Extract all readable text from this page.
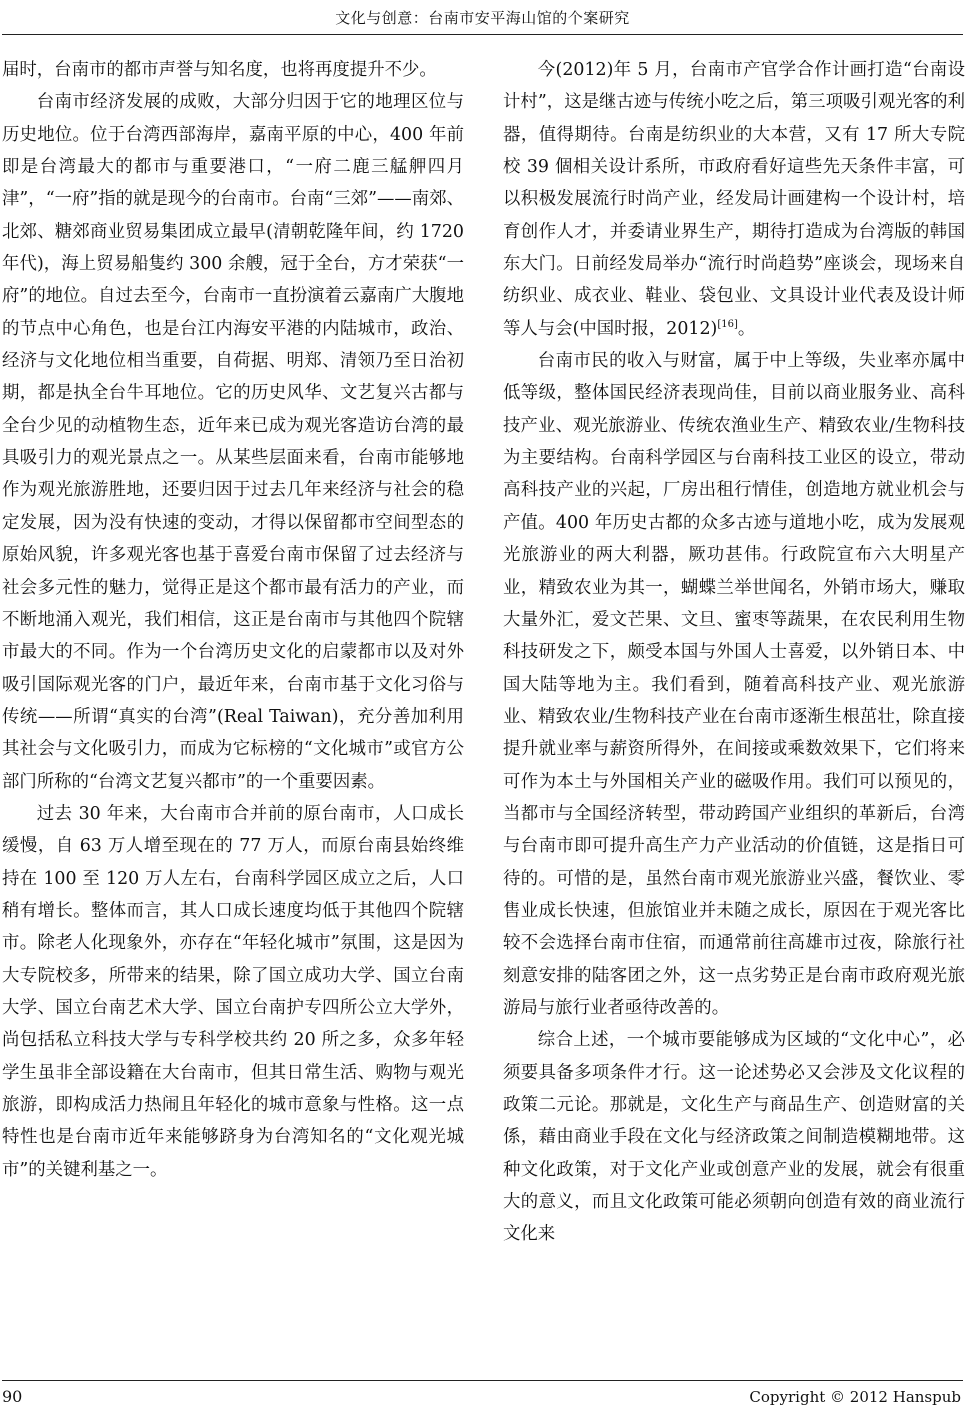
文化与创意：台南市安平海山馆的个案研究

届时，台南市的都市声誉与知名度，也将再度提升不少。

台南市经济发展的成败，大部分归因于它的地理区位与历史地位。位于台湾西部海岸，嘉南平原的中心，400 年前即是台湾最大的都市与重要港口，“一府二鹿三艋舺四月津”，“一府”指的就是现今的台南市。台南“三郊”——南郊、北郊、糖郊商业贸易集团成立最早(清朝乾隆年间，约 1720 年代)，海上贸易船隻约 300 余艘，冠于全台，方才荣获“一府”的地位。自过去至今，台南市一直扮演着云嘉南广大腹地的节点中心角色，也是台江内海安平港的内陆城市，政治、经济与文化地位相当重要，自荷据、明郑、清领乃至日治初期，都是执全台牛耳地位。它的历史风华、文艺复兴古都与全台少见的动植物生态，近年来已成为观光客造访台湾的最具吸引力的观光景点之一。从某些层面来看，台南市能够地作为观光旅游胜地，还要归因于过去几年来经济与社会的稳定发展，因为没有快速的变动，才得以保留都市空间型态的原始风貌，许多观光客也基于喜爱台南市保留了过去经济与社会多元性的魅力，觉得正是这个都市最有活力的产业，而不断地涌入观光，我们相信，这正是台南市与其他四个院辖市最大的不同。作为一个台湾历史文化的启蒙都市以及对外吸引国际观光客的门户，最近年来，台南市基于文化习俗与传统——所谓“真实的台湾”(Real Taiwan)，充分善加利用其社会与文化吸引力，而成为它标榜的“文化城市”或官方公部门所称的“台湾文艺复兴都市”的一个重要因素。

过去 30 年来，大台南市合并前的原台南市，人口成长缓慢，自 63 万人增至现在的 77 万人，而原台南县始终维持在 100 至 120 万人左右，台南科学园区成立之后，人口稍有增长。整体而言，其人口成长速度均低于其他四个院辖市。除老人化现象外，亦存在“年轻化城市”氛围，这是因为大专院校多，所带来的结果，除了国立成功大学、国立台南大学、国立台南艺术大学、国立台南护专四所公立大学外，尚包括私立科技大学与专科学校共约 20 所之多，众多年轻学生虽非全部设籍在大台南市，但其日常生活、购物与观光旅游，即构成活力热闹且年轻化的城市意象与性格。这一点特性也是台南市近年来能够跻身为台湾知名的“文化观光城市”的关键利基之一。

今(2012)年 5 月，台南市产官学合作计画打造“台南设计村”，这是继古迹与传统小吃之后，第三项吸引观光客的利器，值得期待。台南是纺织业的大本营，又有 17 所大专院校 39 個相关设计系所，市政府看好這些先天条件丰富，可以积极发展流行时尚产业，经发局计画建构一个设计村，培育创作人才，并委请业界生产，期待打造成为台湾版的韩国东大门。日前经发局举办“流行时尚趋势”座谈会，现场来自纺织业、成衣业、鞋业、袋包业、文具设计业代表及设计师等人与会(中国时报，2012)[16]。

台南市民的收入与财富，属于中上等级，失业率亦属中低等级，整体国民经济表现尚佳，目前以商业服务业、高科技产业、观光旅游业、传统农渔业生产、精致农业/生物科技为主要结构。台南科学园区与台南科技工业区的设立，带动高科技产业的兴起，厂房出租行情佳，创造地方就业机会与产值。400 年历史古都的众多古迹与道地小吃，成为发展观光旅游业的两大利器，厥功甚伟。行政院宣布六大明星产业，精致农业为其一，蝴蝶兰举世闻名，外销市场大，赚取大量外汇，爱文芒果、文旦、蜜枣等蔬果，在农民利用生物科技研发之下，颇受本国与外国人士喜爱，以外销日本、中国大陆等地为主。我们看到，随着高科技产业、观光旅游业、精致农业/生物科技产业在台南市逐渐生根茁壮，除直接提升就业率与薪资所得外，在间接或乘数效果下，它们将来可作为本土与外国相关产业的磁吸作用。我们可以预见的，当都市与全国经济转型，带动跨国产业组织的革新后，台湾与台南市即可提升高生产力产业活动的价值链，这是指日可待的。可惜的是，虽然台南市观光旅游业兴盛，餐饮业、零售业成长快速，但旅馆业并未随之成长，原因在于观光客比较不会选择台南市住宿，而通常前往高雄市过夜，除旅行社刻意安排的陆客团之外，这一点劣势正是台南市政府观光旅游局与旅行业者亟待改善的。

综合上述，一个城市要能够成为区域的“文化中心”，必须要具备多项条件才行。这一论述势必又会涉及文化议程的政策二元论。那就是，文化生产与商品生产、创造财富的关係，藉由商业手段在文化与经济政策之间制造模糊地带。这种文化政策，对于文化产业或创意产业的发展，就会有很重大的意义，而且文化政策可能必须朝向创造有效的商业流行文化来

90	Copyright © 2012 Hanspub
